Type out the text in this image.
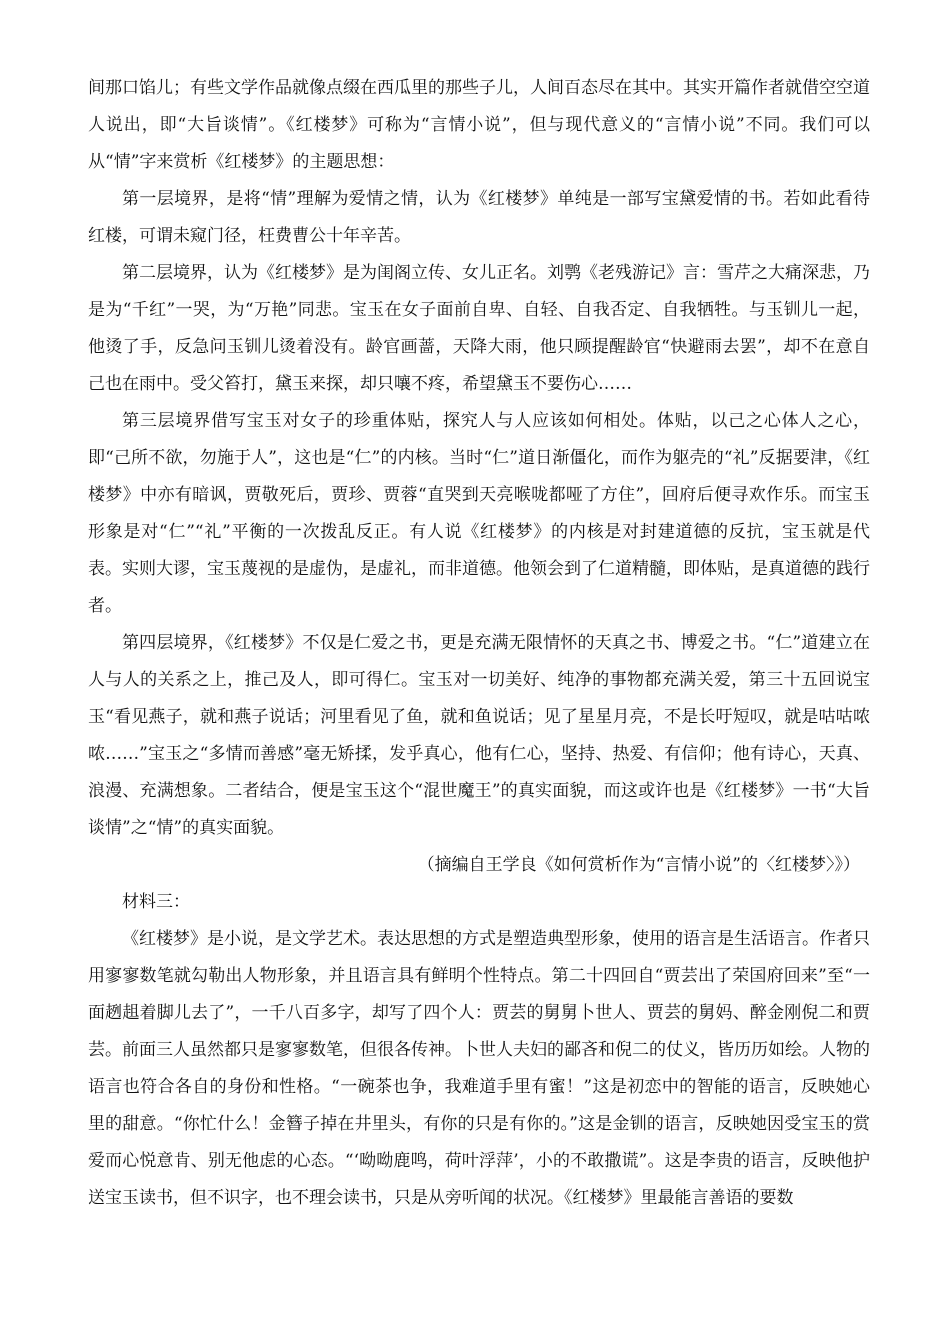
间那口馅儿；有些文学作品就像点缀在西瓜里的那些子儿，人间百态尽在其中。其实开篇作者就借空空道人说出，即“大旨谈情”。《红楼梦》可称为“言情小说”，但与现代意义的“言情小说”不同。我们可以从“情”字来赏析《红楼梦》的主题思想：

第一层境界，是将“情”理解为爱情之情，认为《红楼梦》单纯是一部写宝黛爱情的书。若如此看待红楼，可谓未窥门径，枉费曹公十年辛苦。

第二层境界，认为《红楼梦》是为闺阁立传、女儿正名。刘鹗《老残游记》言：雪芹之大痛深悲，乃是为“千红”一哭，为“万艳”同悲。宝玉在女子面前自卑、自轻、自我否定、自我牺牲。与玉钏儿一起，他烫了手，反急问玉钏儿烫着没有。龄官画蔷，天降大雨，他只顾提醒龄官“快避雨去罢”，却不在意自己也在雨中。受父笞打，黛玉来探，却只嚷不疼，希望黛玉不要伤心……

第三层境界借写宝玉对女子的珍重体贴，探究人与人应该如何相处。体贴，以己之心体人之心，即“己所不欲，勿施于人”，这也是“仁”的内核。当时“仁”道日渐僵化，而作为躯壳的“礼”反据要津，《红楼梦》中亦有暗讽，贾敬死后，贾珍、贾蓉“直哭到天亮喉咙都哑了方住”，回府后便寻欢作乐。而宝玉形象是对“仁”“礼”平衡的一次拨乱反正。有人说《红楼梦》的内核是对封建道德的反抗，宝玉就是代表。实则大谬，宝玉蔑视的是虚伪，是虚礼，而非道德。他领会到了仁道精髓，即体贴，是真道德的践行者。

第四层境界，《红楼梦》不仅是仁爱之书，更是充满无限情怀的天真之书、博爱之书。“仁”道建立在人与人的关系之上，推己及人，即可得仁。宝玉对一切美好、纯净的事物都充满关爱，第三十五回说宝玉“看见燕子，就和燕子说话；河里看见了鱼，就和鱼说话；见了星星月亮，不是长吁短叹，就是咕咕哝哝……”宝玉之“多情而善感”毫无矫揉，发乎真心，他有仁心，坚持、热爱、有信仰；他有诗心，天真、浪漫、充满想象。二者结合，便是宝玉这个“混世魔王”的真实面貌，而这或许也是《红楼梦》一书“大旨谈情”之“情”的真实面貌。

（摘编自王学良《如何赏析作为“言情小说”的〈红楼梦〉》）

材料三：

《红楼梦》是小说，是文学艺术。表达思想的方式是塑造典型形象，使用的语言是生活语言。作者只用寥寥数笔就勾勒出人物形象，并且语言具有鲜明个性特点。第二十四回自“贾芸出了荣国府回来”至“一面趔趄着脚儿去了”，一千八百多字，却写了四个人：贾芸的舅舅卜世人、贾芸的舅妈、醉金刚倪二和贾芸。前面三人虽然都只是寥寥数笔，但很各传神。卜世人夫妇的鄙吝和倪二的仗义，皆历历如绘。人物的语言也符合各自的身份和性格。“一碗茶也争，我难道手里有蜜！”这是初恋中的智能的语言，反映她心里的甜意。“你忙什么！金簪子掉在井里头，有你的只是有你的。”这是金钏的语言，反映她因受宝玉的赏爱而心悦意肯、别无他虑的心态。“‘呦呦鹿鸣，荷叶浮萍’，小的不敢撒谎”。这是李贵的语言，反映他护送宝玉读书，但不识字，也不理会读书，只是从旁听闻的状况。《红楼梦》里最能言善语的要数
